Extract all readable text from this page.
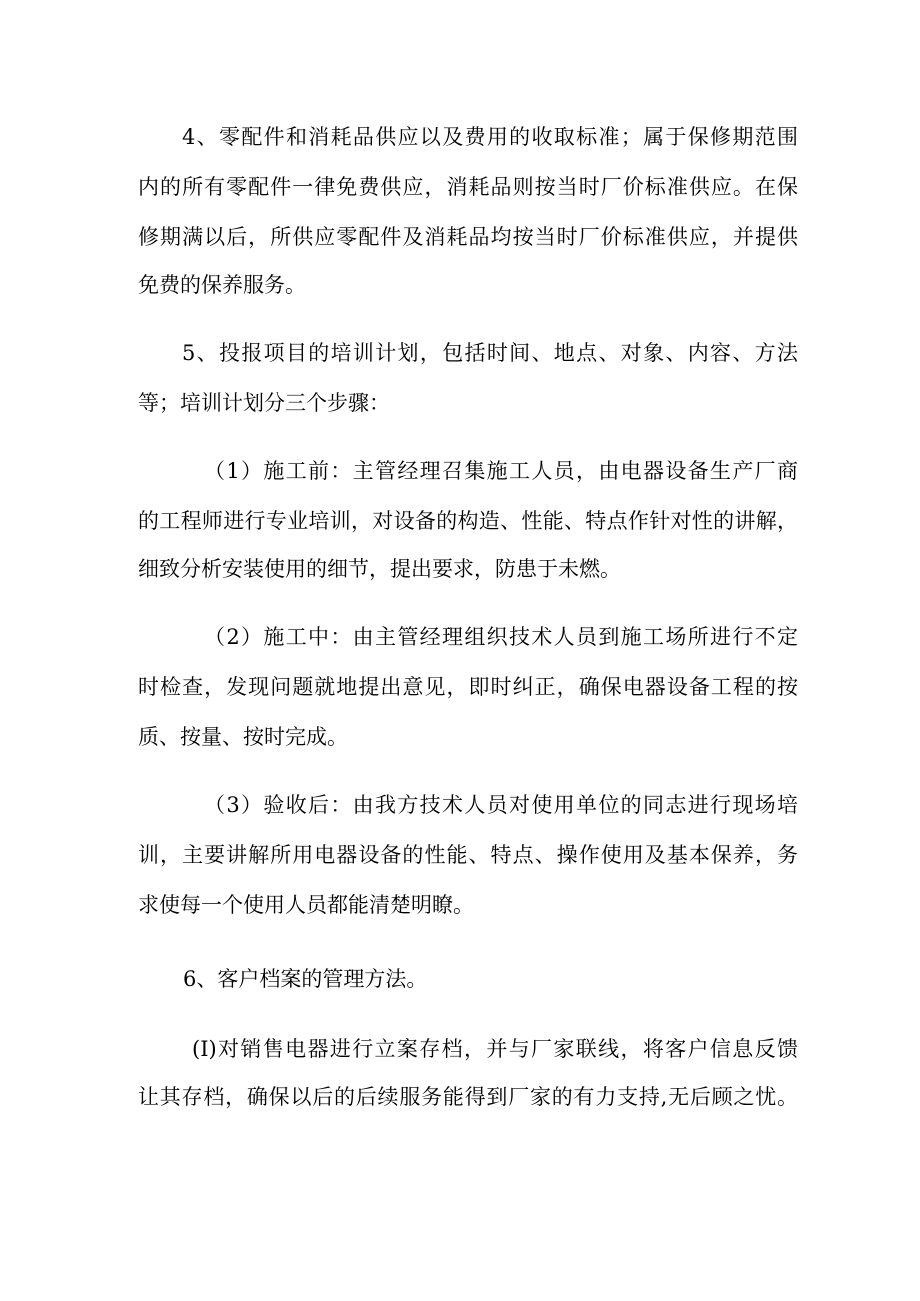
4、零配件和消耗品供应以及费用的收取标准；属于保修期范围
内的所有零配件一律免费供应，消耗品则按当时厂价标准供应。在保
修期满以后，所供应零配件及消耗品均按当时厂价标准供应，并提供
免费的保养服务。
5、投报项目的培训计划，包括时间、地点、对象、内容、方法
等；培训计划分三个步骤：
（1）施工前：主管经理召集施工人员，由电器设备生产厂商
的工程师进行专业培训，对设备的构造、性能、特点作针对性的讲解，
细致分析安装使用的细节，提出要求，防患于未燃。
（2）施工中：由主管经理组织技术人员到施工场所进行不定
时检查，发现问题就地提出意见，即时纠正，确保电器设备工程的按
质、按量、按时完成。
（3）验收后：由我方技术人员对使用单位的同志进行现场培
训，主要讲解所用电器设备的性能、特点、操作使用及基本保养，务
求使每一个使用人员都能清楚明瞭。
6、客户档案的管理方法。
(I)对销售电器进行立案存档，并与厂家联线，将客户信息反馈
让其存档，确保以后的后续服务能得到厂家的有力支持,无后顾之忧。
